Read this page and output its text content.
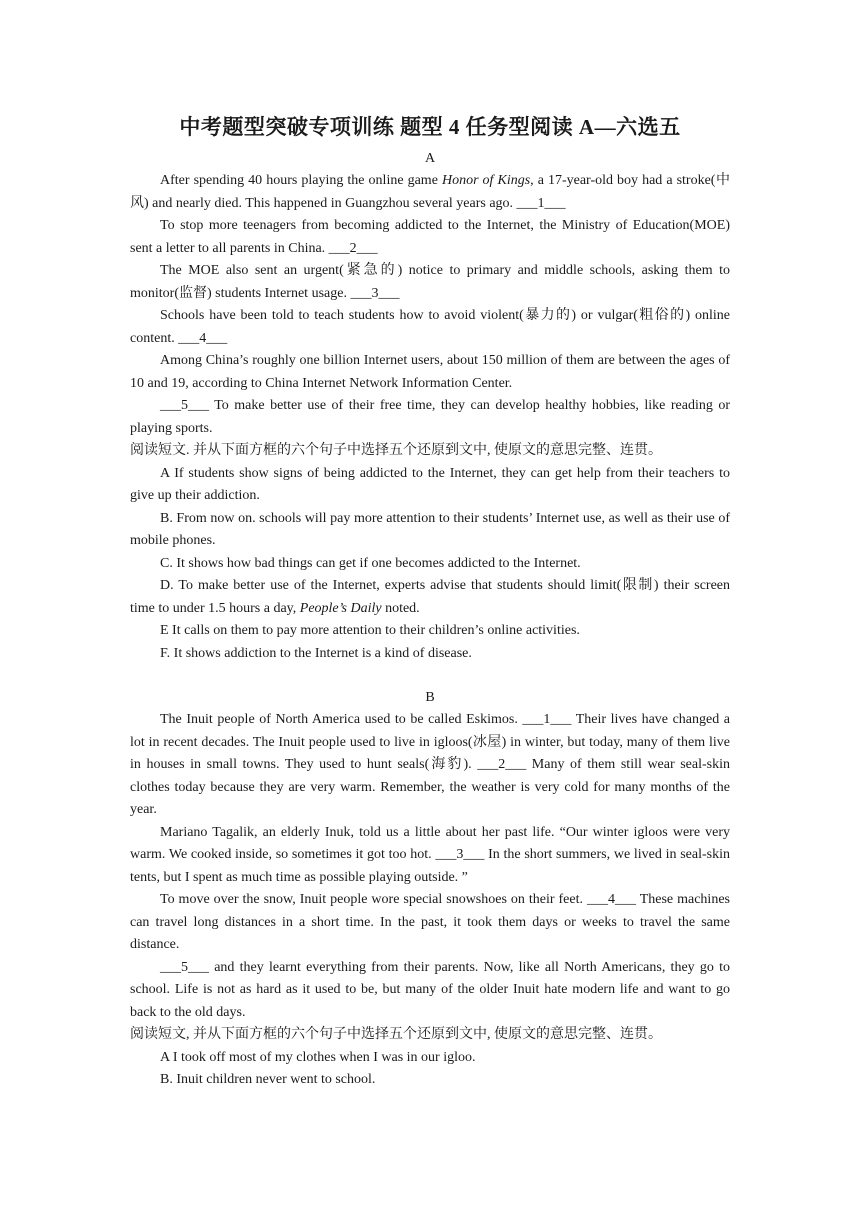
中考题型突破专项训练 题型 4 任务型阅读 A—六选五
A

After spending 40 hours playing the online game Honor of Kings, a 17-year-old boy had a stroke(中风) and nearly died. This happened in Guangzhou several years ago. ___1___

To stop more teenagers from becoming addicted to the Internet, the Ministry of Education(MOE) sent a letter to all parents in China. ___2___

The MOE also sent an urgent(紧急的) notice to primary and middle schools, asking them to monitor(监督) students Internet usage. ___3___

Schools have been told to teach students how to avoid violent(暴力的) or vulgar(粗俗的) online content. ___4___

Among China’s roughly one billion Internet users, about 150 million of them are between the ages of 10 and 19, according to China Internet Network Information Center.

___5___ To make better use of their free time, they can develop healthy hobbies, like reading or playing sports.

阅读短文. 并从下面方框的六个句子中选择五个还原到文中, 使原文的意思完整、连贯。

A If students show signs of being addicted to the Internet, they can get help from their teachers to give up their addiction.

B. From now on. schools will pay more attention to their students’ Internet use, as well as their use of mobile phones.

C. It shows how bad things can get if one becomes addicted to the Internet.

D. To make better use of the Internet, experts advise that students should limit(限制) their screen time to under 1.5 hours a day, People’s Daily noted.

E It calls on them to pay more attention to their children’s online activities.

F. It shows addiction to the Internet is a kind of disease.

B

The Inuit people of North America used to be called Eskimos. ___1___ Their lives have changed a lot in recent decades. The Inuit people used to live in igloos(冰屋) in winter, but today, many of them live in houses in small towns. They used to hunt seals(海豹). ___2___ Many of them still wear seal-skin clothes today because they are very warm. Remember, the weather is very cold for many months of the year.

Mariano Tagalik, an elderly Inuk, told us a little about her past life. “Our winter igloos were very warm. We cooked inside, so sometimes it got too hot. ___3___ In the short summers, we lived in seal-skin tents, but I spent as much time as possible playing outside. ”

To move over the snow, Inuit people wore special snowshoes on their feet. ___4___ These machines can travel long distances in a short time. In the past, it took them days or weeks to travel the same distance.

___5___ and they learnt everything from their parents. Now, like all North Americans, they go to school. Life is not as hard as it used to be, but many of the older Inuit hate modern life and want to go back to the old days.

阅读短文, 并从下面方框的六个句子中选择五个还原到文中, 使原文的意思完整、连贯。

A I took off most of my clothes when I was in our igloo.

B. Inuit children never went to school.
